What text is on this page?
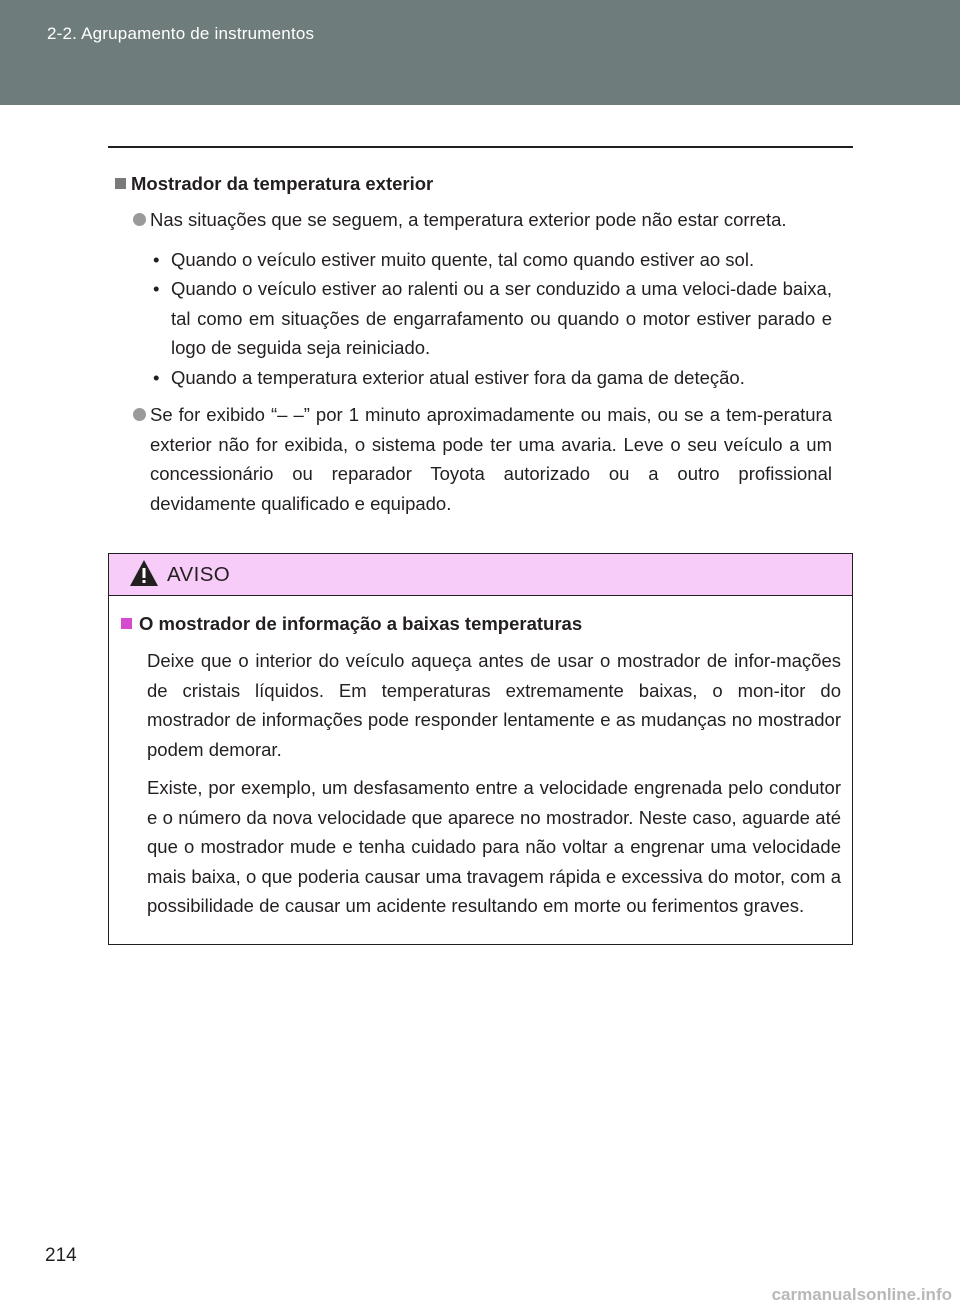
2-2. Agrupamento de instrumentos
Mostrador da temperatura exterior
Nas situações que se seguem, a temperatura exterior pode não estar correta.
• Quando o veículo estiver muito quente, tal como quando estiver ao sol.
• Quando o veículo estiver ao ralenti ou a ser conduzido a uma veloci-dade baixa, tal como em situações de engarrafamento ou quando o motor estiver parado e logo de seguida seja reiniciado.
• Quando a temperatura exterior atual estiver fora da gama de deteção.
Se for exibido “– –” por 1 minuto aproximadamente ou mais, ou se a tem-peratura exterior não for exibida, o sistema pode ter uma avaria. Leve o seu veículo a um concessionário ou reparador Toyota autorizado ou a outro profissional devidamente qualificado e equipado.
AVISO
O mostrador de informação a baixas temperaturas
Deixe que o interior do veículo aqueça antes de usar o mostrador de infor-mações de cristais líquidos. Em temperaturas extremamente baixas, o mon-itor do mostrador de informações pode responder lentamente e as mudanças no mostrador podem demorar.
Existe, por exemplo, um desfasamento entre a velocidade engrenada pelo condutor e o número da nova velocidade que aparece no mostrador. Neste caso, aguarde até que o mostrador mude e tenha cuidado para não voltar a engrenar uma velocidade mais baixa, o que poderia causar uma travagem rápida e excessiva do motor, com a possibilidade de causar um acidente resultando em morte ou ferimentos graves.
214
carmanualsonline.info
